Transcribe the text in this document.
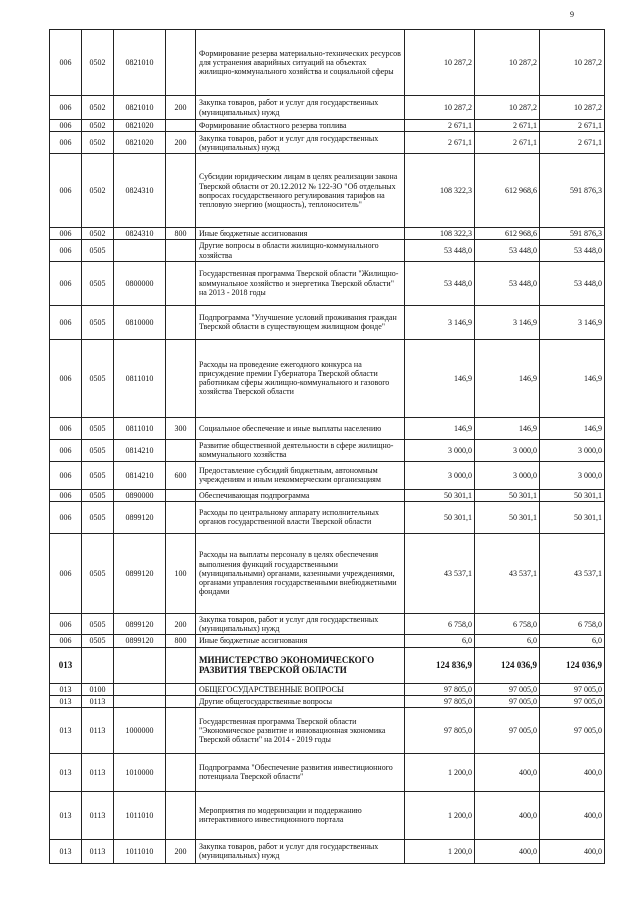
9
006	0502	0821010		Формирование резерва материально-технических ресурсов для устранения аварийных ситуаций на объектах жилищно-коммунального хозяйства и социальной сферы	10 287,2	10 287,2	10 287,2
006	0502	0821010	200	Закупка товаров, работ и услуг для государственных (муниципальных) нужд	10 287,2	10 287,2	10 287,2
006	0502	0821020		Формирование областного резерва топлива	2 671,1	2 671,1	2 671,1
006	0502	0821020	200	Закупка товаров, работ и услуг для государственных (муниципальных) нужд	2 671,1	2 671,1	2 671,1
006	0502	0824310		Субсидии юридическим лицам в целях реализации закона Тверской области от 20.12.2012 № 122-ЗО "Об отдельных вопросах государственного регулирования тарифов на тепловую энергию (мощность), теплоноситель"	108 322,3	612 968,6	591 876,3
006	0502	0824310	800	Иные бюджетные ассигнования	108 322,3	612 968,6	591 876,3
006	0505			Другие вопросы в области жилищно-коммунального хозяйства	53 448,0	53 448,0	53 448,0
006	0505	0800000		Государственная программа Тверской области "Жилищно-коммунальное хозяйство и энергетика Тверской области" на 2013 - 2018 годы	53 448,0	53 448,0	53 448,0
006	0505	0810000		Подпрограмма "Улучшение условий проживания граждан Тверской области в существующем жилищном фонде"	3 146,9	3 146,9	3 146,9
006	0505	0811010		Расходы на проведение ежегодного конкурса на присуждение премии Губернатора Тверской области работникам сферы жилищно-коммунального и газового хозяйства Тверской области	146,9	146,9	146,9
006	0505	0811010	300	Социальное обеспечение и иные выплаты населению	146,9	146,9	146,9
006	0505	0814210		Развитие общественной деятельности в сфере жилищно-коммунального хозяйства	3 000,0	3 000,0	3 000,0
006	0505	0814210	600	Предоставление субсидий бюджетным, автономным учреждениям и иным некоммерческим организациям	3 000,0	3 000,0	3 000,0
006	0505	0890000		Обеспечивающая подпрограмма	50 301,1	50 301,1	50 301,1
006	0505	0899120		Расходы по центральному аппарату исполнительных органов государственной власти Тверской области	50 301,1	50 301,1	50 301,1
006	0505	0899120	100	Расходы на выплаты персоналу в целях обеспечения выполнения функций государственными (муниципальными) органами, казенными учреждениями, органами управления государственными внебюджетными фондами	43 537,1	43 537,1	43 537,1
006	0505	0899120	200	Закупка товаров, работ и услуг для государственных (муниципальных) нужд	6 758,0	6 758,0	6 758,0
006	0505	0899120	800	Иные бюджетные ассигнования	6,0	6,0	6,0
013				МИНИСТЕРСТВО ЭКОНОМИЧЕСКОГО РАЗВИТИЯ ТВЕРСКОЙ ОБЛАСТИ	124 836,9	124 036,9	124 036,9
013	0100			ОБЩЕГОСУДАРСТВЕННЫЕ ВОПРОСЫ	97 805,0	97 005,0	97 005,0
013	0113			Другие общегосударственные вопросы	97 805,0	97 005,0	97 005,0
013	0113	1000000		Государственная программа Тверской области "Экономическое развитие и инновационная экономика Тверской области" на 2014 - 2019 годы	97 805,0	97 005,0	97 005,0
013	0113	1010000		Подпрограмма "Обеспечение развития инвестиционного потенциала Тверской области"	1 200,0	400,0	400,0
013	0113	1011010		Мероприятия по модернизации и поддержанию интерактивного инвестиционного портала	1 200,0	400,0	400,0
013	0113	1011010	200	Закупка товаров, работ и услуг для государственных (муниципальных) нужд	1 200,0	400,0	400,0
